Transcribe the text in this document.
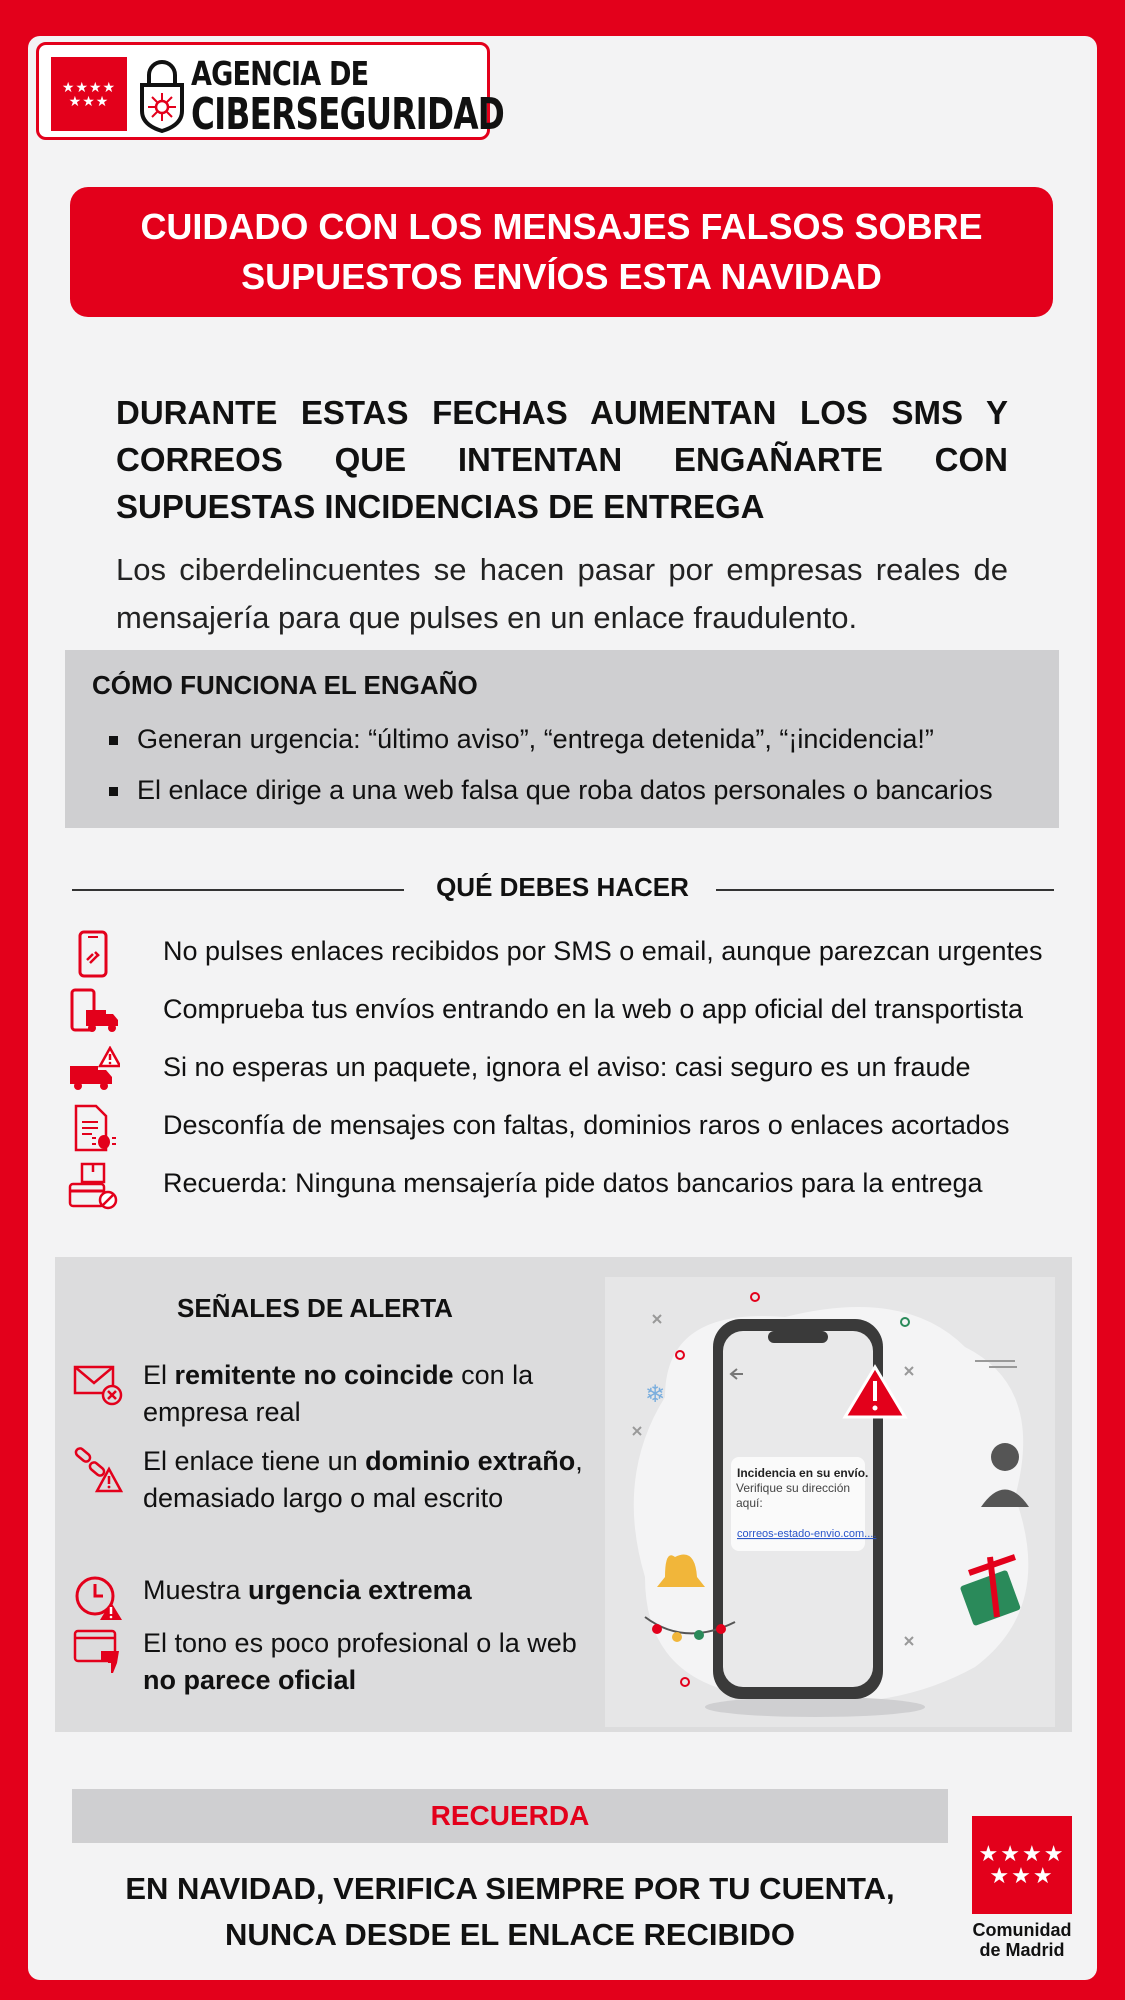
★★★★
★★★
AGENCIA DE
CIBERSEGURIDAD
CUIDADO CON LOS MENSAJES FALSOS SOBRE
SUPUESTOS ENVÍOS ESTA NAVIDAD
DURANTE ESTAS FECHAS AUMENTAN LOS SMS Y CORREOS QUE INTENTAN ENGAÑARTE CON SUPUESTAS INCIDENCIAS DE ENTREGA
Los ciberdelincuentes se hacen pasar por empresas reales de mensajería para que pulses en un enlace fraudulento.
CÓMO FUNCIONA EL ENGAÑO
Generan urgencia: “último aviso”, “entrega detenida”, “¡incidencia!”
El enlace dirige a una web falsa que roba datos personales o bancarios
QUÉ DEBES HACER
No pulses enlaces recibidos por SMS o email, aunque parezcan urgentes
Comprueba tus envíos entrando en la web o app oficial del transportista
Si no esperas un paquete, ignora el aviso: casi seguro es un fraude
Desconfía de mensajes con faltas, dominios raros o enlaces acortados
Recuerda: Ninguna mensajería pide datos bancarios para la entrega
SEÑALES DE ALERTA
El remitente no coincide con la empresa real
El enlace tiene un dominio extraño, demasiado largo o mal escrito
Muestra urgencia extrema
El tono es poco profesional o la web no parece oficial
Incidencia en su envío.
Verifique su dirección aquí:
correos-estado-envio.com....
❄
RECUERDA
EN NAVIDAD, VERIFICA SIEMPRE POR TU CUENTA,
NUNCA DESDE EL ENLACE RECIBIDO
★★★★
★★★
Comunidad
de Madrid
